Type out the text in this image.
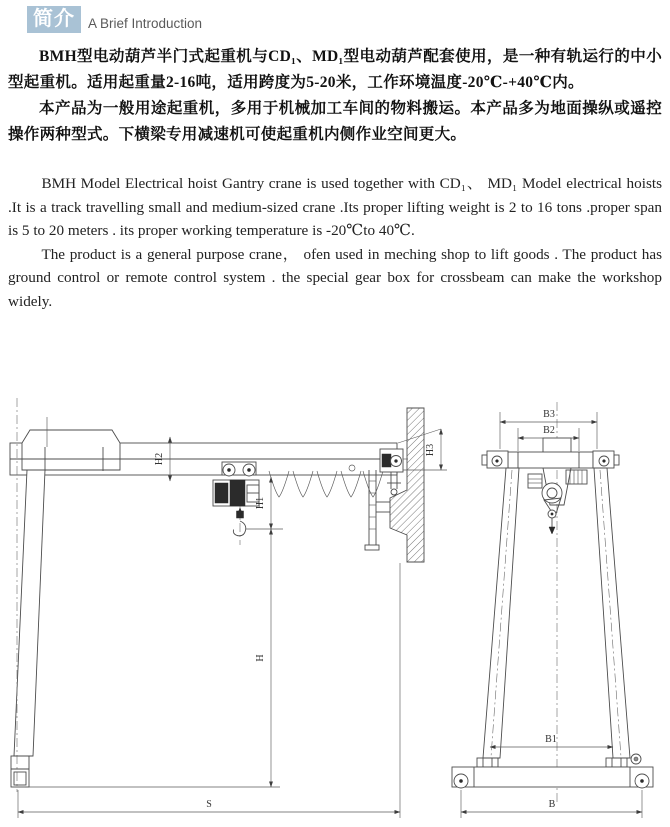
简介 A Brief Introduction

BMH型电动葫芦半门式起重机与CD₁、MD₁型电动葫芦配套使用，是一种有轨运行的中小型起重机。适用起重量2-16吨，适用跨度为5-20米，工作环境温度-20℃-+40℃内。

本产品为一般用途起重机，多用于机械加工车间的物料搬运。本产品多为地面操纵或遥控操作两种型式。下横梁专用减速机可使起重机内侧作业空间更大。

BMH Model Electrical hoist Gantry crane is used together with CD₁、 MD₁ Model electrical hoists .It is a track travelling small and medium-sized crane .Its proper lifting weight is 2 to 16 tons .proper span is 5 to 20 meters . its proper working temperature is -20℃to 40℃.

The product is a general purpose crane， ofen used in meching shop to lift goods . The product has ground control or remote control system . the special gear box for crossbeam can make the workshop widely.

H2
H3
H1
H
S
B3
B2
B1
B
